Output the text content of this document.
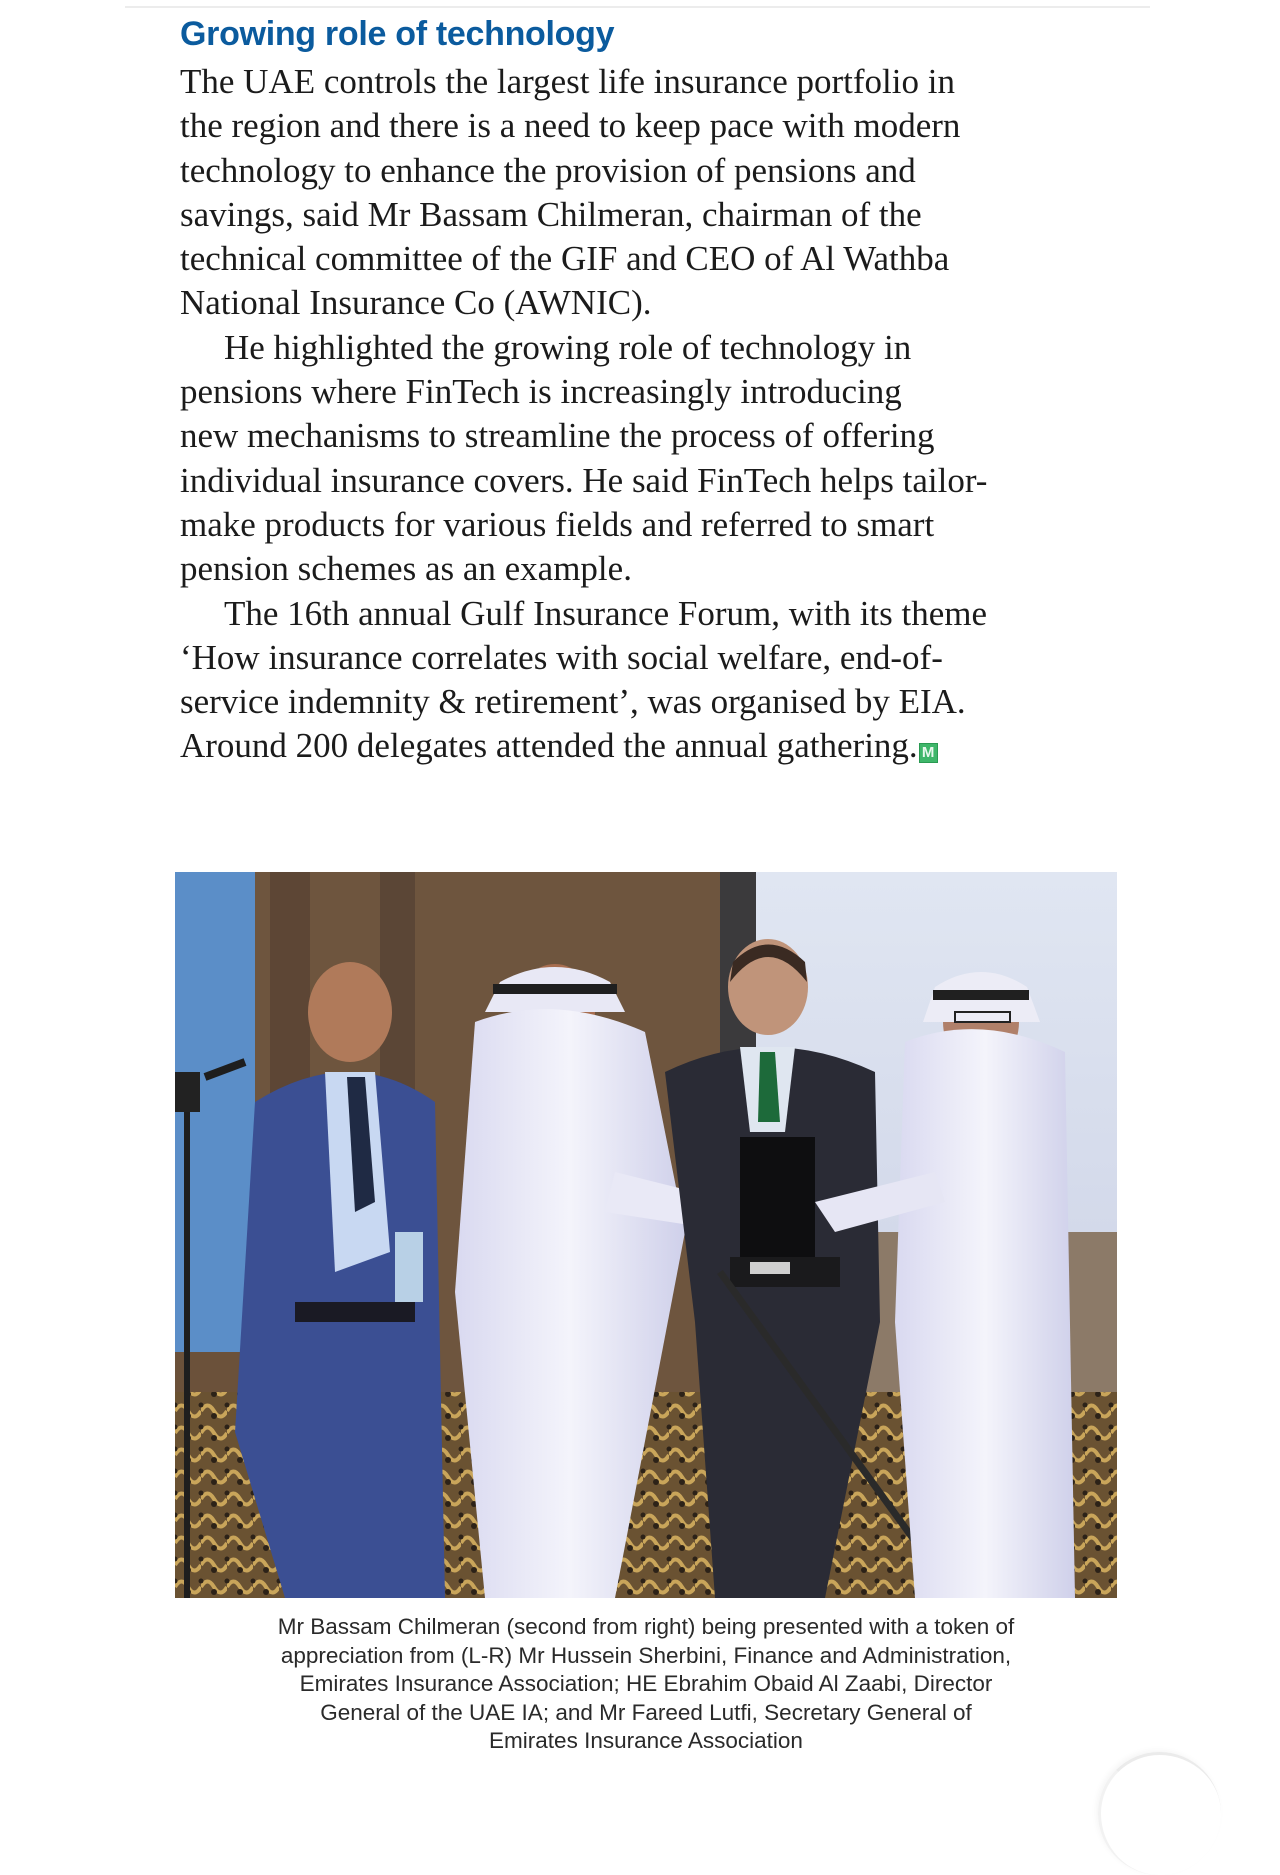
Growing role of technology
The UAE controls the largest life insurance portfolio in
the region and there is a need to keep pace with modern
technology to enhance the provision of pensions and
savings, said Mr Bassam Chilmeran, chairman of the
technical committee of the GIF and CEO of Al Wathba
National Insurance Co (AWNIC).
He highlighted the growing role of technology in
pensions where FinTech is increasingly introducing
new mechanisms to streamline the process of offering
individual insurance covers. He said FinTech helps tailor-
make products for various fields and referred to smart
pension schemes as an example.
The 16th annual Gulf Insurance Forum, with its theme
‘How insurance correlates with social welfare, end-of-
service indemnity & retirement’, was organised by EIA.
Around 200 delegates attended the annual gathering. M
Mr Bassam Chilmeran (second from right) being presented with a token of
appreciation from (L-R) Mr Hussein Sherbini, Finance and Administration,
Emirates Insurance Association; HE Ebrahim Obaid Al Zaabi, Director
General of the UAE IA; and Mr Fareed Lutfi, Secretary General of
Emirates Insurance Association
